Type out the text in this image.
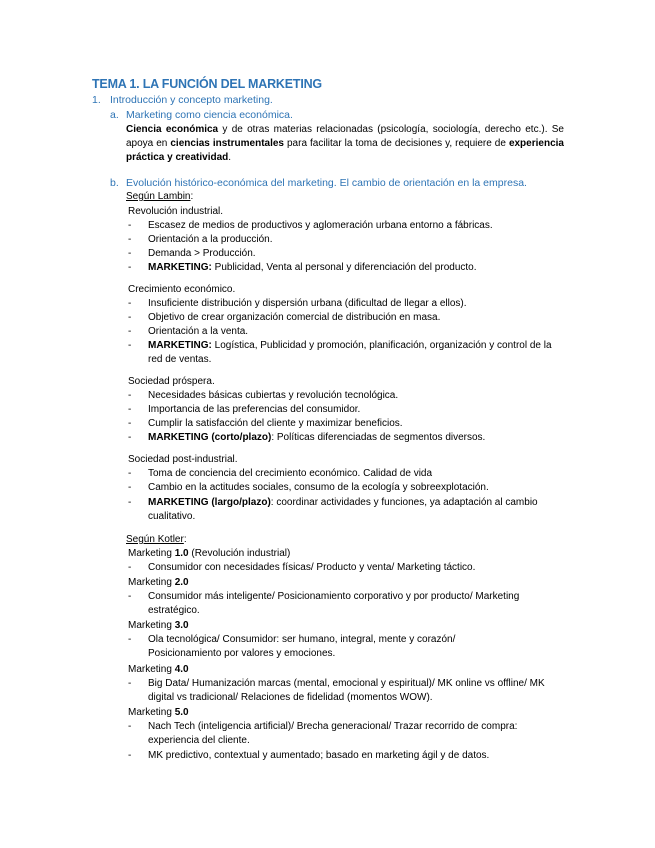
TEMA 1. LA FUNCIÓN DEL MARKETING
1. Introducción y concepto marketing.
a. Marketing como ciencia económica.
Ciencia económica y de otras materias relacionadas (psicología, sociología, derecho etc.). Se apoya en ciencias instrumentales para facilitar la toma de decisiones y, requiere de experiencia práctica y creatividad.
b. Evolución histórico-económica del marketing. El cambio de orientación en la empresa.
Según Lambin:
Revolución industrial.
- Escasez de medios de productivos y aglomeración urbana entorno a fábricas.
- Orientación a la producción.
- Demanda > Producción.
- MARKETING: Publicidad, Venta al personal y diferenciación del producto.
Crecimiento económico.
- Insuficiente distribución y dispersión urbana (dificultad de llegar a ellos).
- Objetivo de crear organización comercial de distribución en masa.
- Orientación a la venta.
- MARKETING: Logística, Publicidad y promoción, planificación, organización y control de la red de ventas.
Sociedad próspera.
- Necesidades básicas cubiertas y revolución tecnológica.
- Importancia de las preferencias del consumidor.
- Cumplir la satisfacción del cliente y maximizar beneficios.
- MARKETING (corto/plazo): Políticas diferenciadas de segmentos diversos.
Sociedad post-industrial.
- Toma de conciencia del crecimiento económico. Calidad de vida
- Cambio en la actitudes sociales, consumo de la ecología y sobreexplotación.
- MARKETING (largo/plazo): coordinar actividades y funciones, ya adaptación al cambio cualitativo.
Según Kotler:
Marketing 1.0 (Revolución industrial)
- Consumidor con necesidades físicas/ Producto y venta/ Marketing táctico.
Marketing 2.0
- Consumidor más inteligente/ Posicionamiento corporativo y por producto/ Marketing estratégico.
Marketing 3.0
- Ola tecnológica/ Consumidor: ser humano, integral, mente y corazón/ Posicionamiento por valores y emociones.
Marketing 4.0
- Big Data/ Humanización marcas (mental, emocional y espiritual)/ MK online vs offline/ MK digital vs tradicional/ Relaciones de fidelidad (momentos WOW).
Marketing 5.0
- Nach Tech (inteligencia artificial)/ Brecha generacional/ Trazar recorrido de compra: experiencia del cliente.
- MK predictivo, contextual y aumentado; basado en marketing ágil y de datos.
